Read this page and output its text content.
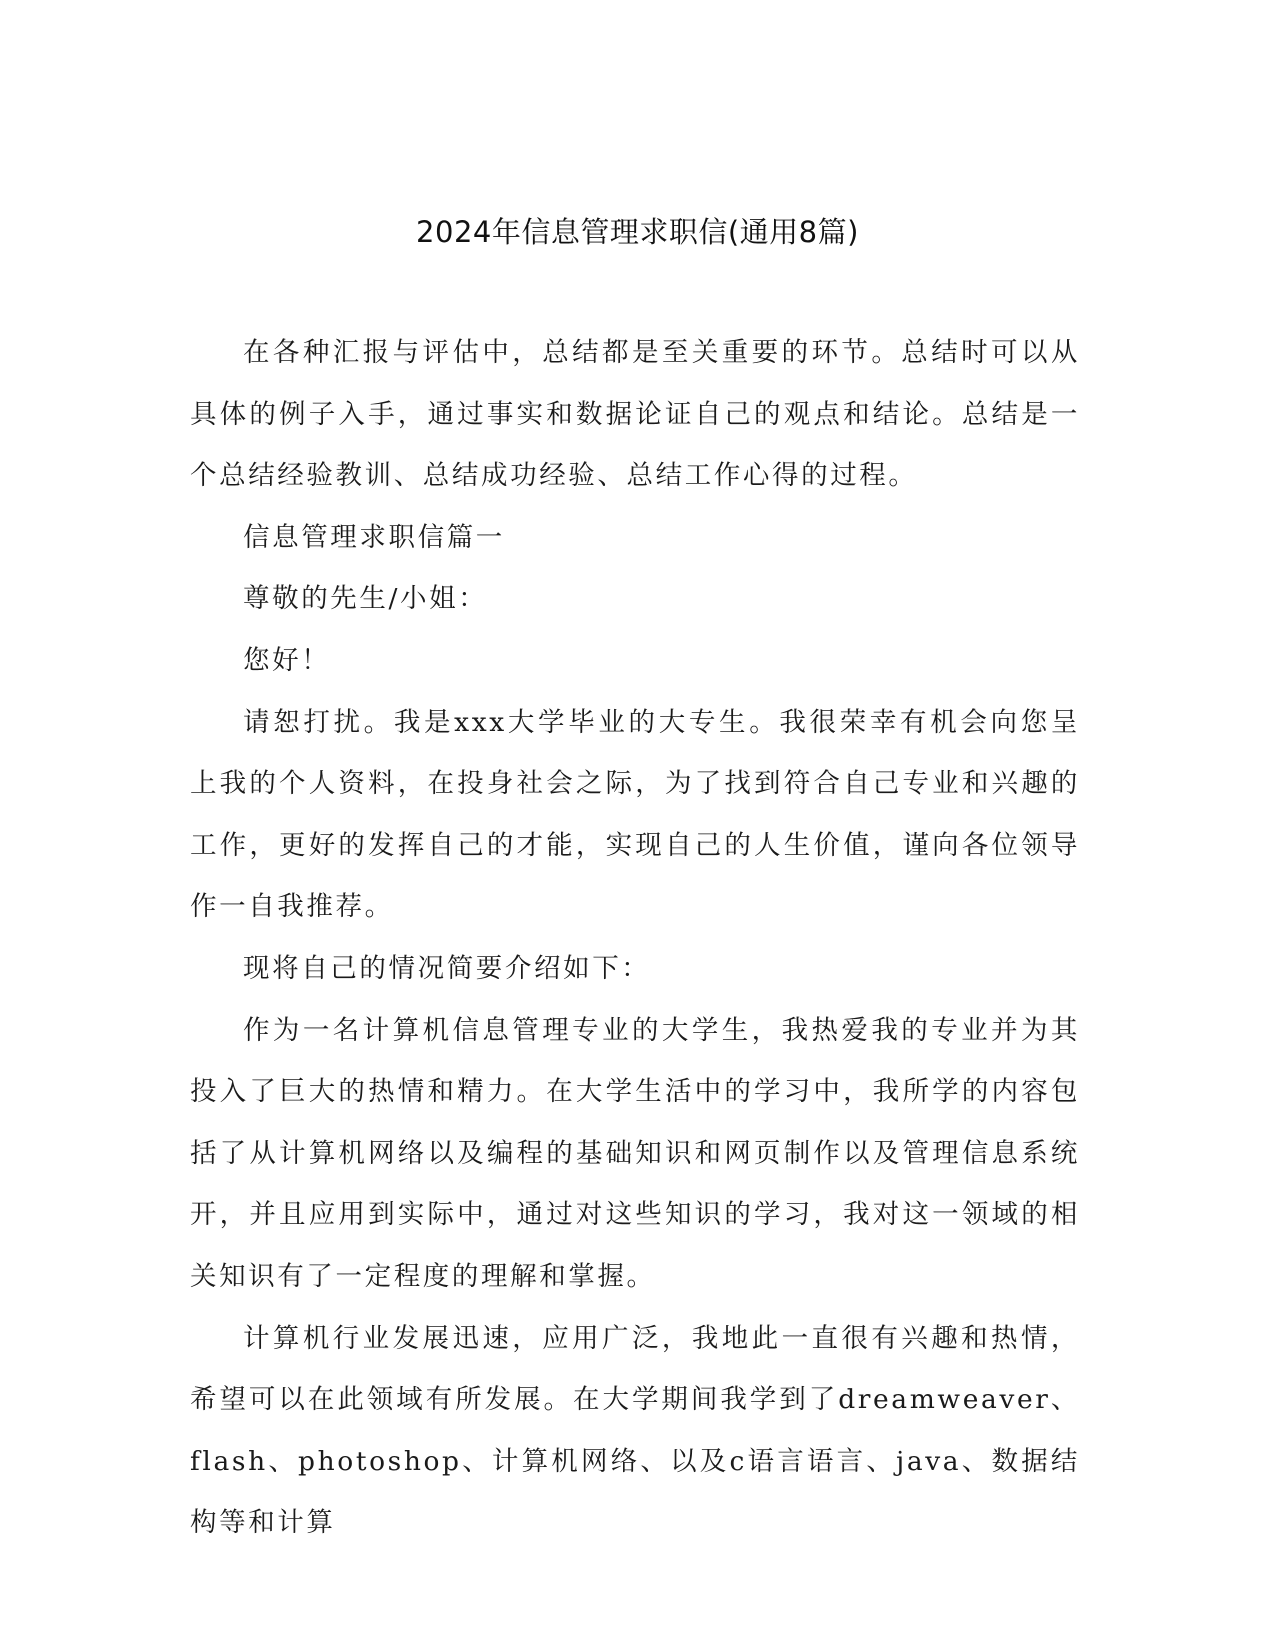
2024年信息管理求职信(通用8篇)

在各种汇报与评估中，总结都是至关重要的环节。总结时可以从具体的例子入手，通过事实和数据论证自己的观点和结论。总结是一个总结经验教训、总结成功经验、总结工作心得的过程。

信息管理求职信篇一

尊敬的先生/小姐：

您好！

请恕打扰。我是xxx大学毕业的大专生。我很荣幸有机会向您呈上我的个人资料，在投身社会之际，为了找到符合自己专业和兴趣的工作，更好的发挥自己的才能，实现自己的人生价值，谨向各位领导作一自我推荐。

现将自己的情况简要介绍如下：

作为一名计算机信息管理专业的大学生，我热爱我的专业并为其投入了巨大的热情和精力。在大学生活中的学习中，我所学的内容包括了从计算机网络以及编程的基础知识和网页制作以及管理信息系统开，并且应用到实际中，通过对这些知识的学习，我对这一领域的相关知识有了一定程度的理解和掌握。

计算机行业发展迅速，应用广泛，我地此一直很有兴趣和热情，希望可以在此领域有所发展。在大学期间我学到了dreamweaver、flash、photoshop、计算机网络、以及c语言语言、java、数据结构等和计算
